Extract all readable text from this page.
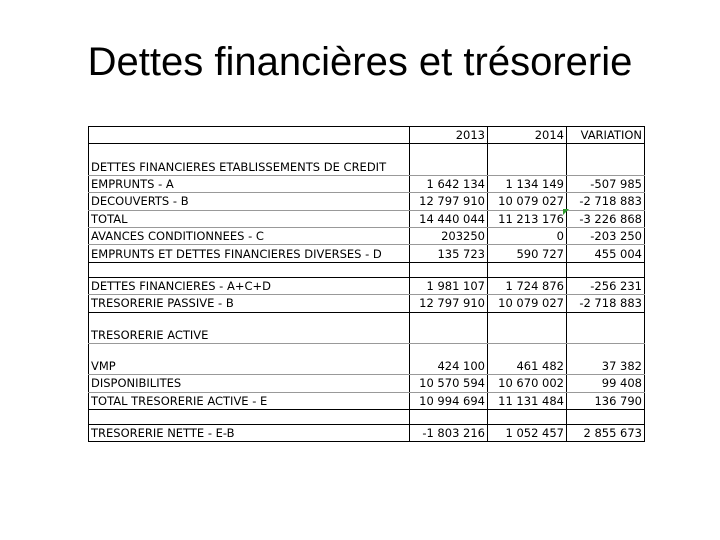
Dettes financières et trésorerie
	2013	2014	VARIATION

DETTES FINANCIERES ETABLISSEMENTS DE CREDIT			
EMPRUNTS - A	1 642 134	1 134 149	-507 985
DECOUVERTS - B	12 797 910	10 079 027	-2 718 883
TOTAL	14 440 044	11 213 176	-3 226 868
AVANCES CONDITIONNEES - C	203250	0	-203 250
EMPRUNTS ET DETTES FINANCIERES DIVERSES - D	135 723	590 727	455 004

DETTES FINANCIERES - A+C+D	1 981 107	1 724 876	-256 231
TRESORERIE PASSIVE - B	12 797 910	10 079 027	-2 718 883

TRESORERIE ACTIVE			

VMP	424 100	461 482	37 382
DISPONIBILITES	10 570 594	10 670 002	99 408
TOTAL TRESORERIE ACTIVE - E	10 994 694	11 131 484	136 790

TRESORERIE NETTE - E-B	-1 803 216	1 052 457	2 855 673
